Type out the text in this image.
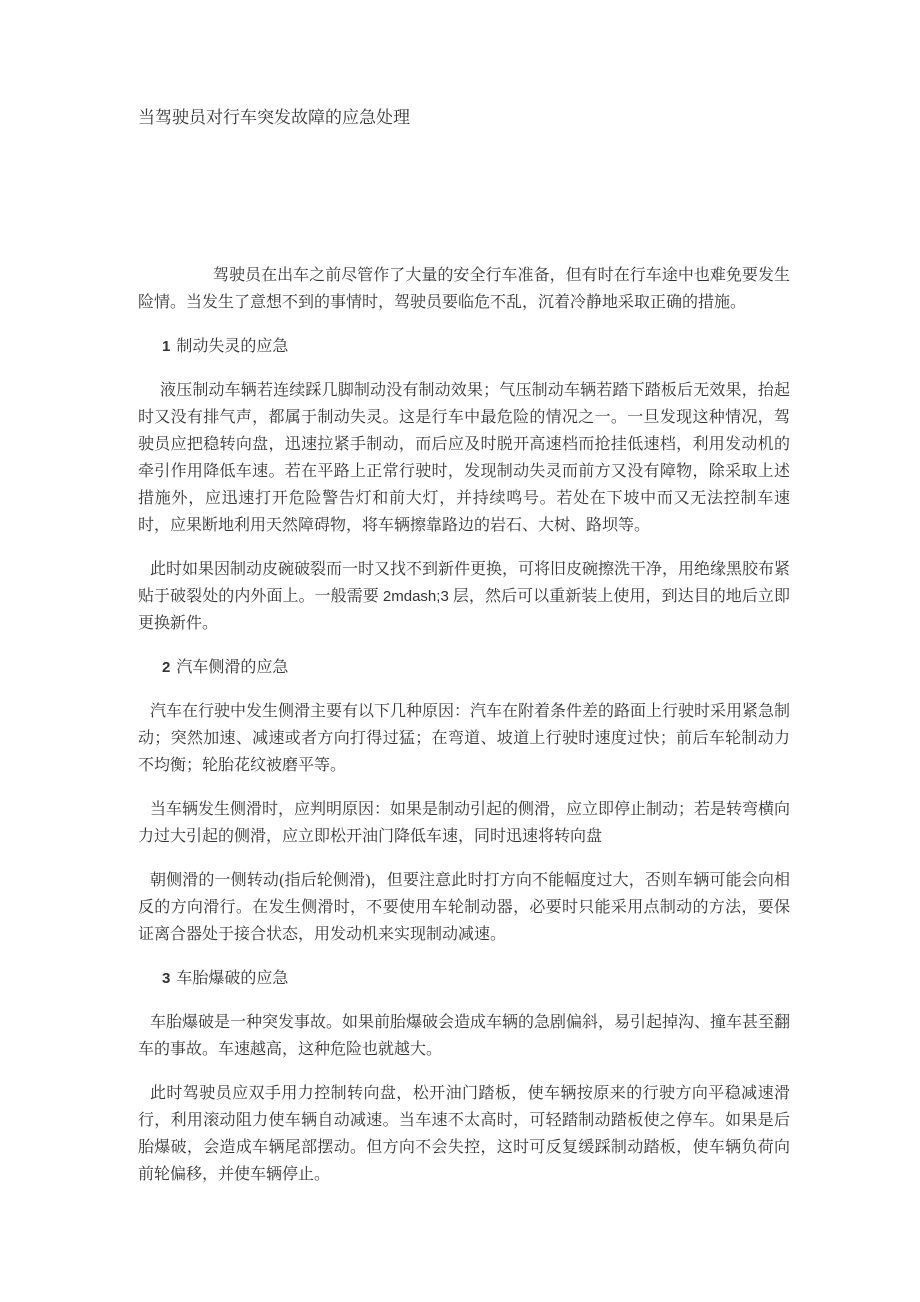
当驾驶员对行车突发故障的应急处理

驾驶员在出车之前尽管作了大量的安全行车准备，但有时在行车途中也难免要发生险情。当发生了意想不到的事情时，驾驶员要临危不乱，沉着冷静地采取正确的措施。

1 制动失灵的应急

液压制动车辆若连续踩几脚制动没有制动效果；气压制动车辆若踏下踏板后无效果，抬起时又没有排气声，都属于制动失灵。这是行车中最危险的情况之一。一旦发现这种情况，驾驶员应把稳转向盘，迅速拉紧手制动，而后应及时脱开高速档而抢挂低速档，利用发动机的牵引作用降低车速。若在平路上正常行驶时，发现制动失灵而前方又没有障物，除采取上述措施外，应迅速打开危险警告灯和前大灯，并持续鸣号。若处在下坡中而又无法控制车速时，应果断地利用天然障碍物，将车辆擦靠路边的岩石、大树、路坝等。

此时如果因制动皮碗破裂而一时又找不到新件更换，可将旧皮碗擦洗干净，用绝缘黑胶布紧贴于破裂处的内外面上。一般需要 2mdash;3 层，然后可以重新装上使用，到达目的地后立即更换新件。

2 汽车侧滑的应急

汽车在行驶中发生侧滑主要有以下几种原因：汽车在附着条件差的路面上行驶时采用紧急制动；突然加速、减速或者方向打得过猛；在弯道、坡道上行驶时速度过快；前后车轮制动力不均衡；轮胎花纹被磨平等。

当车辆发生侧滑时，应判明原因：如果是制动引起的侧滑，应立即停止制动；若是转弯横向力过大引起的侧滑，应立即松开油门降低车速，同时迅速将转向盘

朝侧滑的一侧转动(指后轮侧滑)，但要注意此时打方向不能幅度过大，否则车辆可能会向相反的方向滑行。在发生侧滑时，不要使用车轮制动器，必要时只能采用点制动的方法，要保证离合器处于接合状态，用发动机来实现制动减速。

3 车胎爆破的应急

车胎爆破是一种突发事故。如果前胎爆破会造成车辆的急剧偏斜，易引起掉沟、撞车甚至翻车的事故。车速越高，这种危险也就越大。

此时驾驶员应双手用力控制转向盘，松开油门踏板，使车辆按原来的行驶方向平稳减速滑行，利用滚动阻力使车辆自动减速。当车速不太高时，可轻踏制动踏板使之停车。如果是后胎爆破，会造成车辆尾部摆动。但方向不会失控，这时可反复缓踩制动踏板，使车辆负荷向前轮偏移，并使车辆停止。
